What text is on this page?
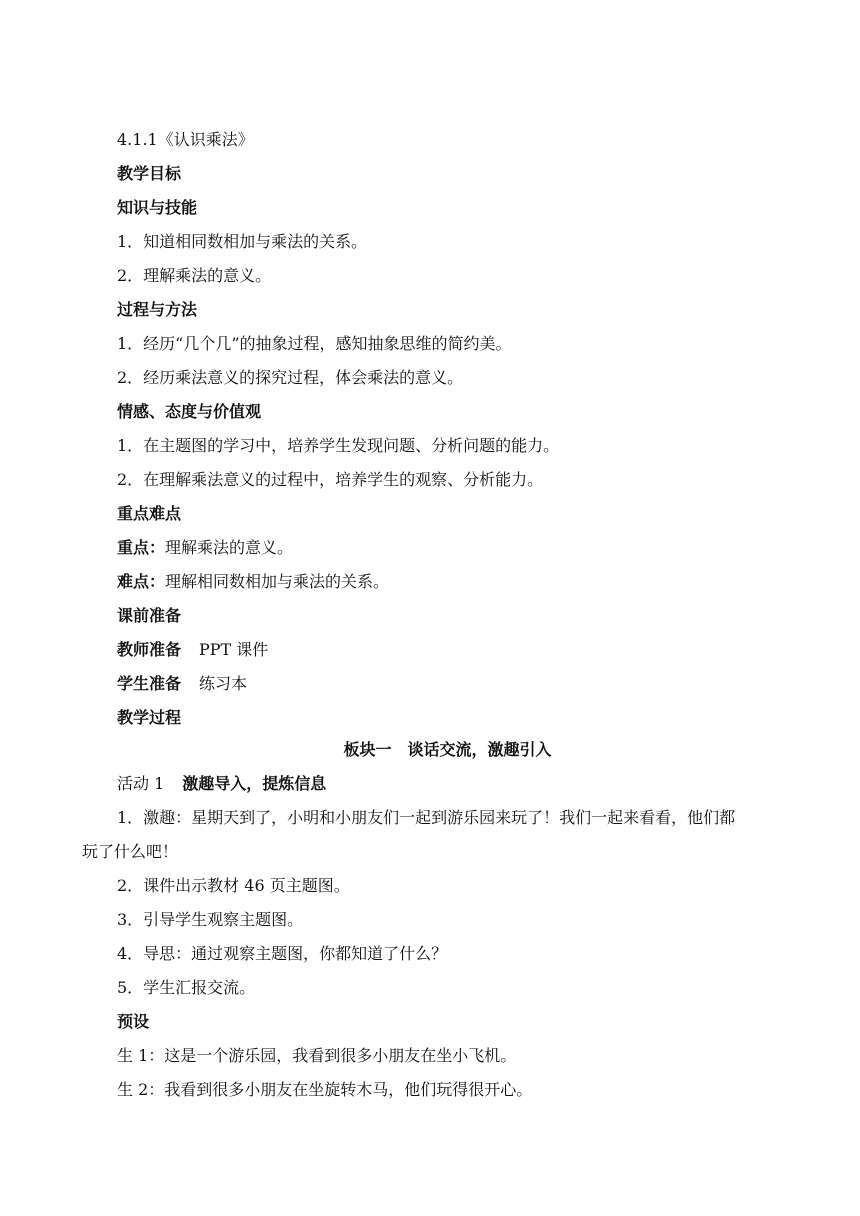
4.1.1《认识乘法》
教学目标
知识与技能
1．知道相同数相加与乘法的关系。
2．理解乘法的意义。
过程与方法
1．经历“几个几”的抽象过程，感知抽象思维的简约美。
2．经历乘法意义的探究过程，体会乘法的意义。
情感、态度与价值观
1．在主题图的学习中，培养学生发现问题、分析问题的能力。
2．在理解乘法意义的过程中，培养学生的观察、分析能力。
重点难点
重点：理解乘法的意义。
难点：理解相同数相加与乘法的关系。
课前准备
教师准备 PPT 课件
学生准备 练习本
教学过程
板块一　谈话交流，激趣引入
活动 1 激趣导入，提炼信息
1．激趣：星期天到了，小明和小朋友们一起到游乐园来玩了！我们一起来看看，他们都
玩了什么吧！
2．课件出示教材 46 页主题图。
3．引导学生观察主题图。
4．导思：通过观察主题图，你都知道了什么？
5．学生汇报交流。
预设
生 1：这是一个游乐园，我看到很多小朋友在坐小飞机。
生 2：我看到很多小朋友在坐旋转木马，他们玩得很开心。
